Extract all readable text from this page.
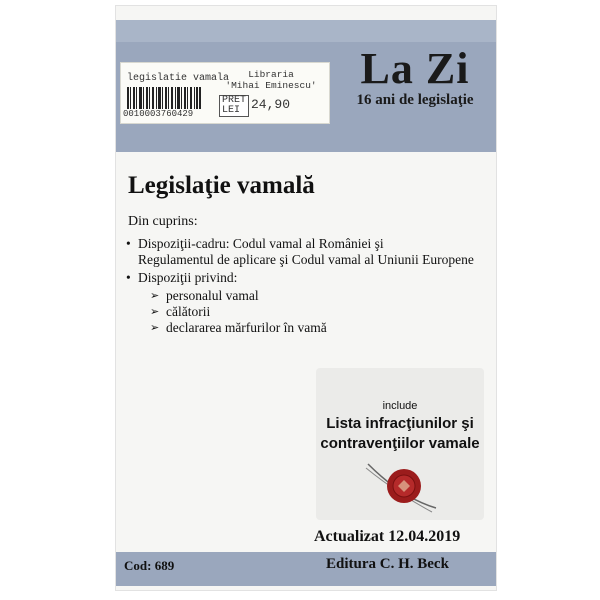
legislatie vamala
0010003760429
Libraria
'Mihai Eminescu'
PRET
LEI 24,90
La Zi
16 ani de legislaţie
Legislaţie vamală
Din cuprins:
• Dispoziţii-cadru: Codul vamal al României şi
Regulamentul de aplicare şi Codul vamal al Uniunii Europene
• Dispoziţii privind:
➢ personalul vamal
➢ călătorii
➢ declararea mărfurilor în vamă
include
Lista infracţiunilor şi
contravenţiilor vamale
Actualizat 12.04.2019
Cod: 689	Editura C. H. Beck
